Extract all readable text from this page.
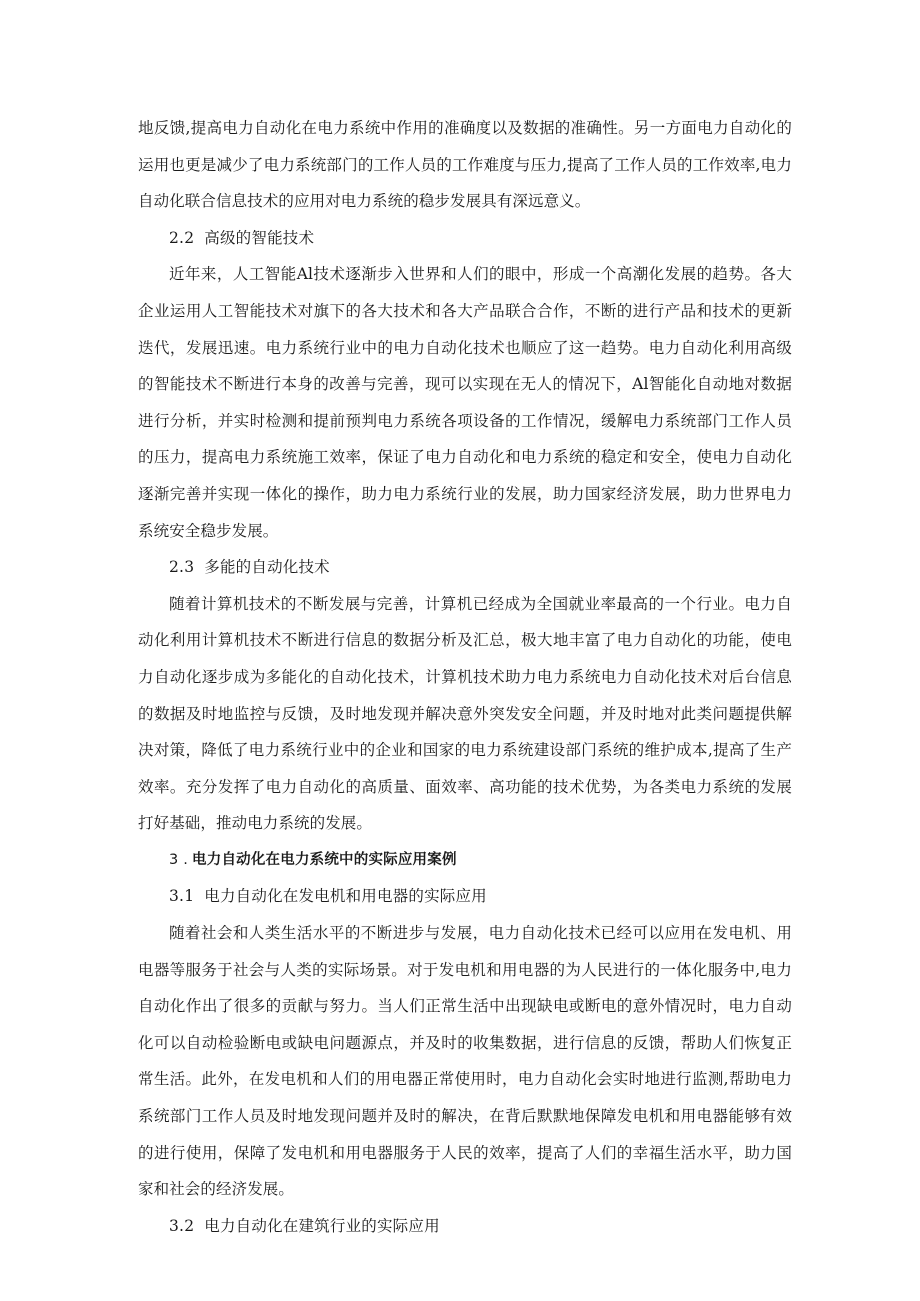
地反馈,提高电力自动化在电力系统中作用的准确度以及数据的准确性。另一方面电力自动化的运用也更是减少了电力系统部门的工作人员的工作难度与压力,提高了工作人员的工作效率,电力自动化联合信息技术的应用对电力系统的稳步发展具有深远意义。

2.2 高级的智能技术

近年来，人工智能Al技术逐渐步入世界和人们的眼中，形成一个高潮化发展的趋势。各大企业运用人工智能技术对旗下的各大技术和各大产品联合合作，不断的进行产品和技术的更新迭代，发展迅速。电力系统行业中的电力自动化技术也顺应了这一趋势。电力自动化利用高级的智能技术不断进行本身的改善与完善，现可以实现在无人的情况下，Al智能化自动地对数据进行分析，并实时检测和提前预判电力系统各项设备的工作情况，缓解电力系统部门工作人员的压力，提高电力系统施工效率，保证了电力自动化和电力系统的稳定和安全，使电力自动化逐渐完善并实现一体化的操作，助力电力系统行业的发展，助力国家经济发展，助力世界电力系统安全稳步发展。

2.3 多能的自动化技术

随着计算机技术的不断发展与完善，计算机已经成为全国就业率最高的一个行业。电力自动化利用计算机技术不断进行信息的数据分析及汇总，极大地丰富了电力自动化的功能，使电力自动化逐步成为多能化的自动化技术，计算机技术助力电力系统电力自动化技术对后台信息的数据及时地监控与反馈，及时地发现并解决意外突发安全问题，并及时地对此类问题提供解决对策，降低了电力系统行业中的企业和国家的电力系统建设部门系统的维护成本,提高了生产效率。充分发挥了电力自动化的高质量、面效率、高功能的技术优势，为各类电力系统的发展打好基础，推动电力系统的发展。

3 . 电力自动化在电力系统中的实际应用案例
3.1 电力自动化在发电机和用电器的实际应用

随着社会和人类生活水平的不断进步与发展，电力自动化技术已经可以应用在发电机、用电器等服务于社会与人类的实际场景。对于发电机和用电器的为人民进行的一体化服务中,电力自动化作出了很多的贡献与努力。当人们正常生活中出现缺电或断电的意外情况时，电力自动化可以自动检验断电或缺电问题源点，并及时的收集数据，进行信息的反馈，帮助人们恢复正常生活。此外，在发电机和人们的用电器正常使用时，电力自动化会实时地进行监测,帮助电力系统部门工作人员及时地发现问题并及时的解决，在背后默默地保障发电机和用电器能够有效的进行使用，保障了发电机和用电器服务于人民的效率，提高了人们的幸福生活水平，助力国家和社会的经济发展。

3.2 电力自动化在建筑行业的实际应用
